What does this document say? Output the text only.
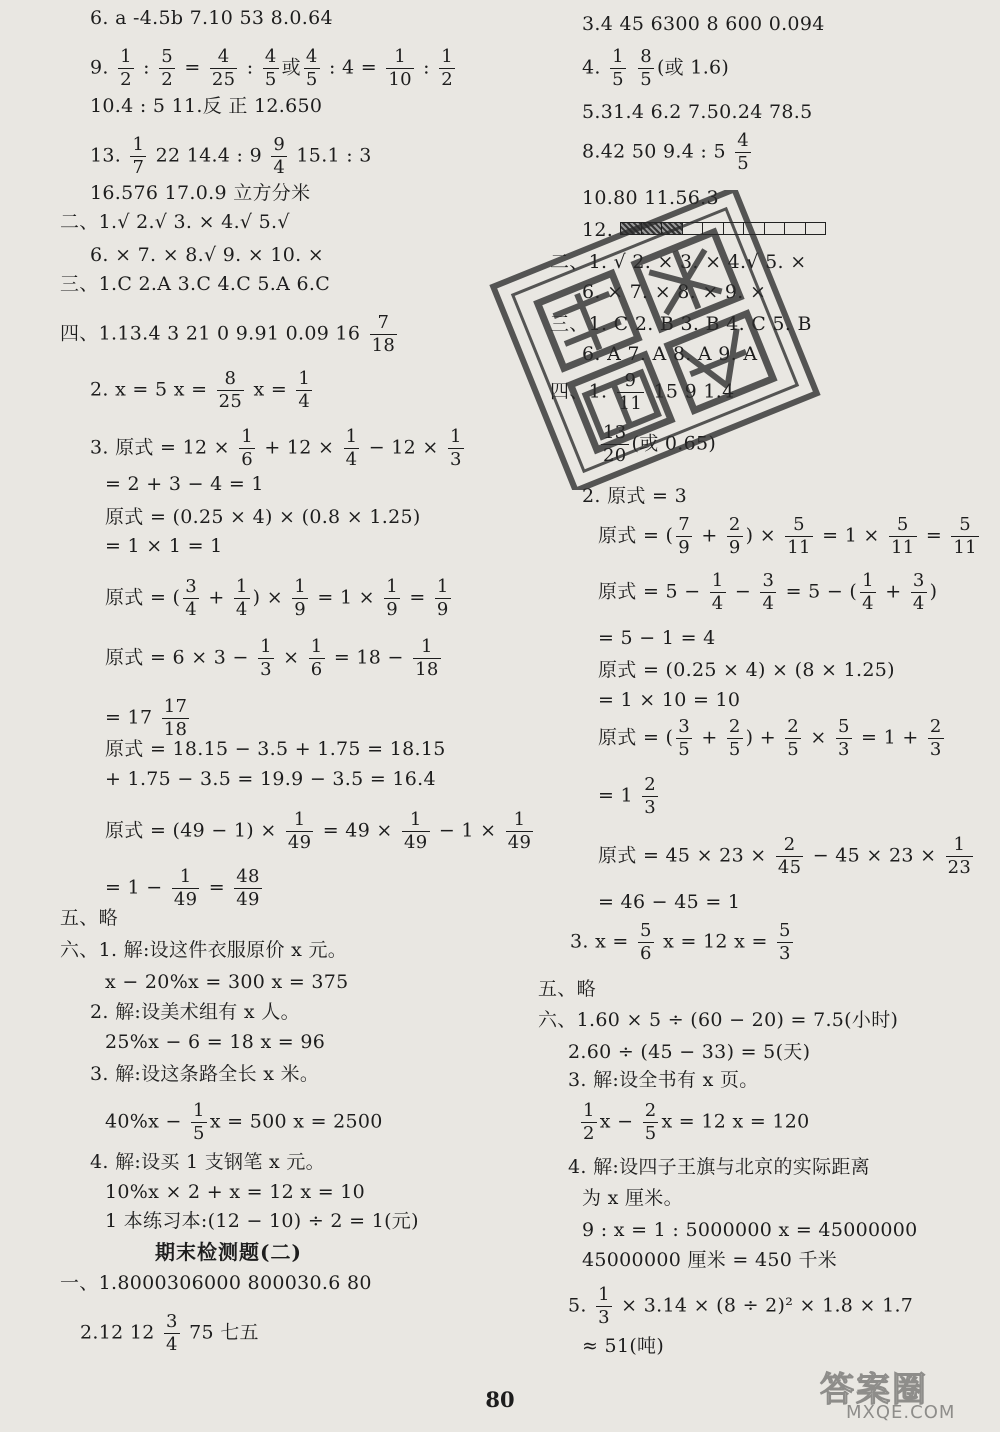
6. a -4.5b 7.10 53 8.0.64
9. $\frac{1}{2}$ : $\frac{5}{2} = \frac{4}{25}$ : $\frac{4}{5}$ 或 $\frac{4}{5}$ : $4 = \frac{1}{10}$ : $\frac{1}{2}$
10.4 : 5 11.反 正 12.650
13. $\frac{1}{7} 22$ 14.4 : $9 \frac{9}{4} 15.1$ : 3
16.576 17.0.9 立方分米
二、1.√ 2.√ 3. × 4.√ 5.√
6. × 7. × 8.√ 9. × 10. ×
三、1.C 2.A 3.C 4.C 5.A 6.C
四、1.13.4 3 21 0 9.91 0.09 $16 \frac{7}{18}$
2. x = 5 $x = \frac{8}{25}$ $x = \frac{1}{4}$
3. 原式 = $12 \times \frac{1}{6} + 12 \times \frac{1}{4} - 12 \times \frac{1}{3}$
= 2 + 3 − 4 = 1
原式 = (0.25 × 4) × (0.8 × 1.25)
= 1 × 1 = 1
原式 = ( $\frac{3}{4} + \frac{1}{4}$ ) × $\frac{1}{9} = 1 \times \frac{1}{9} = \frac{1}{9}$
原式 = $6 \times 3 - \frac{1}{3} \times \frac{1}{6} = 18 - \frac{1}{18}$
= $17 \frac{17}{18}$
原式 = 18.15 − 3.5 + 1.75 = 18.15
+ 1.75 − 3.5 = 19.9 − 3.5 = 16.4
原式 = $(49 - 1) \times \frac{1}{49} = 49 \times \frac{1}{49} - 1 \times \frac{1}{49}$
= $1 - \frac{1}{49} = \frac{48}{49}$
五、略
六、1. 解:设这件衣服原价 x 元。
x − 20%x = 300 x = 375
2. 解:设美术组有 x 人。
25%x − 6 = 18 x = 96
3. 解:设这条路全长 x 米。
$40\%x - \frac{1}{5}$ x = 500 x = 2500
4. 解:设买 1 支钢笔 x 元。
10%x × 2 + x = 12 x = 10
1 本练习本:(12 − 10) ÷ 2 = 1(元)
期末检测题(二)
一、1.8000306000 800030.6 80
2.12 $12 \frac{3}{4} 75$ 七五
3.4 45 6300 8 600 0.094
4. $\frac{1}{5}$
$\frac{8}{5}$ (或 1.6)
5.31.4 6.2 7.50.24 78.5
8.42 50 9.4 : $5 \frac{4}{5}$
10.80 11.56.3
12.
二、1. √ 2. × 3. × 4.√ 5. ×
6. × 7. × 8. × 9. ×
三、1. C 2. B 3. B 4. C 5. B
6. A 7. A 8. A 9. A
四、1. $\frac{9}{11} 15$ 9 1.4
$\frac{13}{20}$ (或 0.65)
2. 原式 = 3
原式 = ( $\frac{7}{9} + \frac{2}{9}$ ) × $\frac{5}{11} = 1 \times \frac{5}{11} = \frac{5}{11}$
原式 = $5 - \frac{1}{4} - \frac{3}{4} = 5$ − ( $\frac{1}{4} + \frac{3}{4}$ )
= 5 − 1 = 4
原式 = (0.25 × 4) × (8 × 1.25)
= 1 × 10 = 10
原式 = ( $\frac{3}{5} + \frac{2}{5}$ ) + $\frac{2}{5} \times \frac{5}{3} = 1 + \frac{2}{3}$
= $1 \frac{2}{3}$
原式 = $45 \times 23 \times \frac{2}{45} - 45 \times 23 \times \frac{1}{23}$
= 46 − 45 = 1
3. $x = \frac{5}{6}$ x = 12 $x = \frac{5}{3}$
五、略
六、1.60 × 5 ÷ (60 − 20) = 7.5(小时)
2.60 ÷ (45 − 33) = 5(天)
3. 解:设全书有 x 页。
$\frac{1}{2}$ $x - \frac{2}{5}$ x = 12 x = 120
4. 解:设四子王旗与北京的实际距离
为 x 厘米。
9 : x = 1 : 5000000 x = 45000000
45000000 厘米 = 450 千米
5. $\frac{1}{3} \times 3.14 \times (8 \div 2)^2 \times 1.8 \times 1.7$
≈ 51(吨)
80	答案圈
MXQE.COM
